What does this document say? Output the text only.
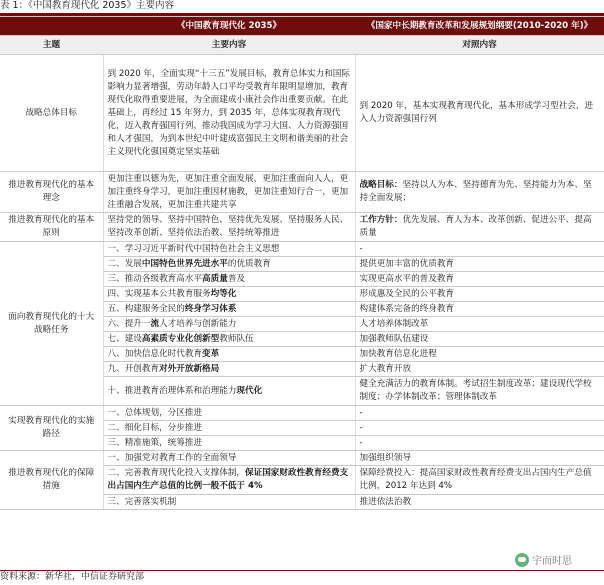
表 1：《中国教育现代化 2035》主要内容

	《中国教育现代化 2035》	《国家中长期教育改革和发展规划纲要(2010-2020 年)》
主题	主要内容	对照内容
战略总体目标	到 2020 年，全面实现“十三五”发展目标，教育总体实力和国际影响力显著增强，劳动年龄人口平均受教育年限明显增加，教育现代化取得重要进展，为全面建成小康社会作出重要贡献。在此基础上，再经过 15 年努力，到 2035 年，总体实现教育现代化，迈入教育强国行列，推动我国成为学习大国、人力资源强国和人才强国，为到本世纪中叶建成富强民主文明和谐美丽的社会主义现代化强国奠定坚实基础	到 2020 年，基本实现教育现代化，基本形成学习型社会，进入人力资源强国行列
推进教育现代化的基本理念	更加注重以德为先，更加注重全面发展，更加注重面向人人，更加注重终身学习，更加注重因材施教，更加注重知行合一，更加注重融合发展，更加注重共建共享	战略目标：坚持以人为本、坚持德育为先、坚持能力为本、坚持全面发展；
推进教育现代化的基本原则	坚持党的领导、坚持中国特色、坚持优先发展、坚持服务人民、坚持改革创新、坚持依法治教、坚持统筹推进	工作方针：优先发展、育人为本、改革创新、促进公平、提高质量
面向教育现代化的十大战略任务	一、学习习近平新时代中国特色社会主义思想	-
	二、发展中国特色世界先进水平的优质教育	提供更加丰富的优质教育
	三、推动各级教育高水平高质量普及	实现更高水平的普及教育
	四、实现基本公共教育服务均等化	形成惠及全民的公平教育
	五、构建服务全民的终身学习体系	构建体系完备的终身教育
	六、提升一流人才培养与创新能力	人才培养体制改革
	七、建设高素质专业化创新型教师队伍	加强教师队伍建设
	八、加快信息化时代教育变革	加快教育信息化进程
	九、开创教育对外开放新格局	扩大教育开放
	十、推进教育治理体系和治理能力现代化	健全充满活力的教育体制。考试招生制度改革；建设现代学校制度；办学体制改革；管理体制改革
实现教育现代化的实施路径	一、总体规划，分区推进	-
	二、细化目标，分步推进	-
	三、精准施策，统筹推进	-
推进教育现代化的保障措施	一、加强党对教育工作的全面领导	加强组织领导
	二、完善教育现代化投入支撑体制，保证国家财政性教育经费支出占国内生产总值的比例一般不低于 4%	保障经费投入：提高国家财政性教育经费支出占国内生产总值比例，2012 年达到 4%
	三、完善落实机制	推进依法治教
资料来源：新华社，中信证券研究部
宇而时思
